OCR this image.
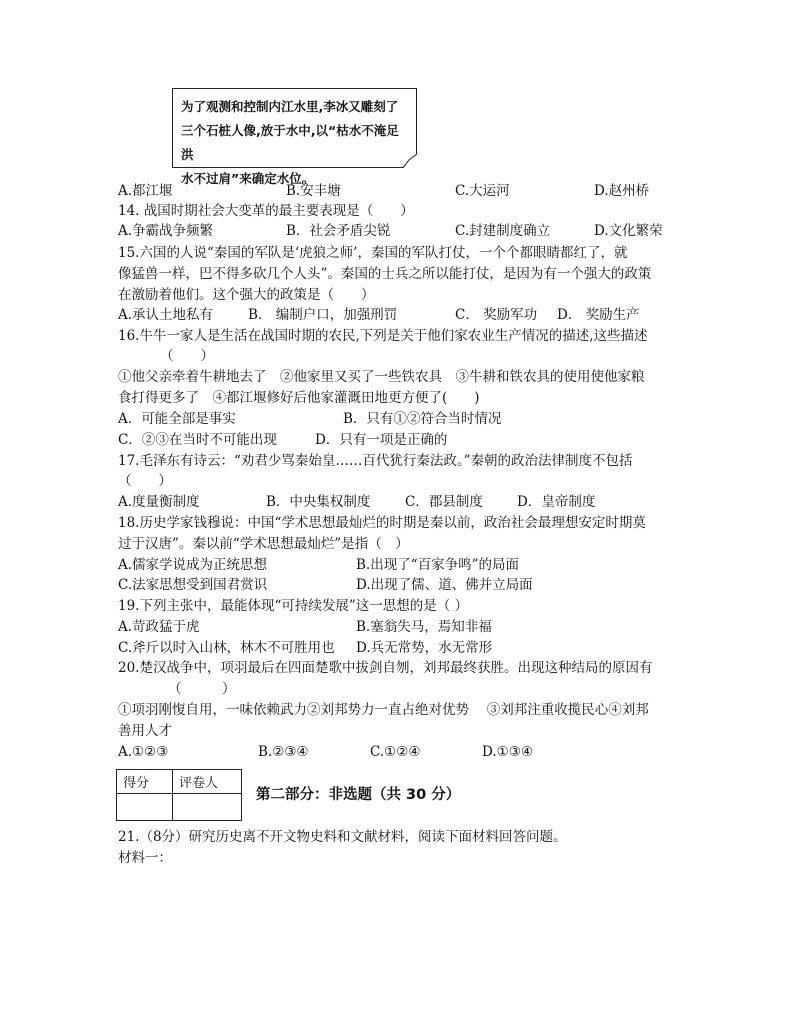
为了观测和控制内江水里,李冰又雕刻了
三个石桩人像,放于水中,以“枯水不淹足洪
水不过肩”来确定水位。
A.都江堰	B.安丰塘	C.大运河	D.赵州桥
14. 战国时期社会大变革的最主要表现是（　　）
A.争霸战争频繁	B．社会矛盾尖锐	C.封建制度确立	D.文化繁荣
15.六国的人说“秦国的军队是‘虎狼之师’，秦国的军队打仗，一个个都眼睛都红了，就
像猛兽一样，巴不得多砍几个人头”。秦国的士兵之所以能打仗，是因为有一个强大的政策
在激励着他们。这个强大的政策是（　　）
A.承认土地私有	B． 编制户口，加强刑罚	C． 奖励军功 D． 奖励生产
16.牛牛一家人是生活在战国时期的农民,下列是关于他们家农业生产情况的描述,这些描述
（　　）
①他父亲牵着牛耕地去了　②他家里又买了一些铁农具　③牛耕和铁农具的使用使他家粮
食打得更多了　④都江堰修好后他家灌溉田地更方便了(　　)
A．可能全部是事实	B．只有①②符合当时情况
C．②③在当时不可能出现	D．只有一项是正确的
17.毛泽东有诗云：“劝君少骂秦始皇……百代犹行秦法政。”秦朝的政治法律制度不包括
（　　）
A.度量衡制度	B．中央集权制度	C．郡县制度	D．皇帝制度
18.历史学家钱穆说：中国“学术思想最灿烂的时期是秦以前，政治社会最理想安定时期莫
过于汉唐”。秦以前“学术思想最灿烂”是指（　）
A.儒家学说成为正统思想	B.出现了“百家争鸣”的局面
C.法家思想受到国君赏识	D.出现了儒、道、佛并立局面
19.下列主张中，最能体现“可持续发展”这一思想的是（ ）
A.苛政猛于虎	B.塞翁失马，焉知非福
C.斧斤以时入山林，林木不可胜用也 D.兵无常势，水无常形
20.楚汉战争中，项羽最后在四面楚歌中拔剑自刎，刘邦最终获胜。出现这种结局的原因有
（　　　）
①项羽刚愎自用，一味依赖武力②刘邦势力一直占绝对优势　 ③刘邦注重收揽民心④刘邦
善用人才
A.①②③	B.②③④	C.①②④	D.①③④
得分	评卷人

第二部分：非选题（共 30 分）
21.（8分）研究历史离不开文物史料和文献材料，阅读下面材料回答问题。
材料一：
